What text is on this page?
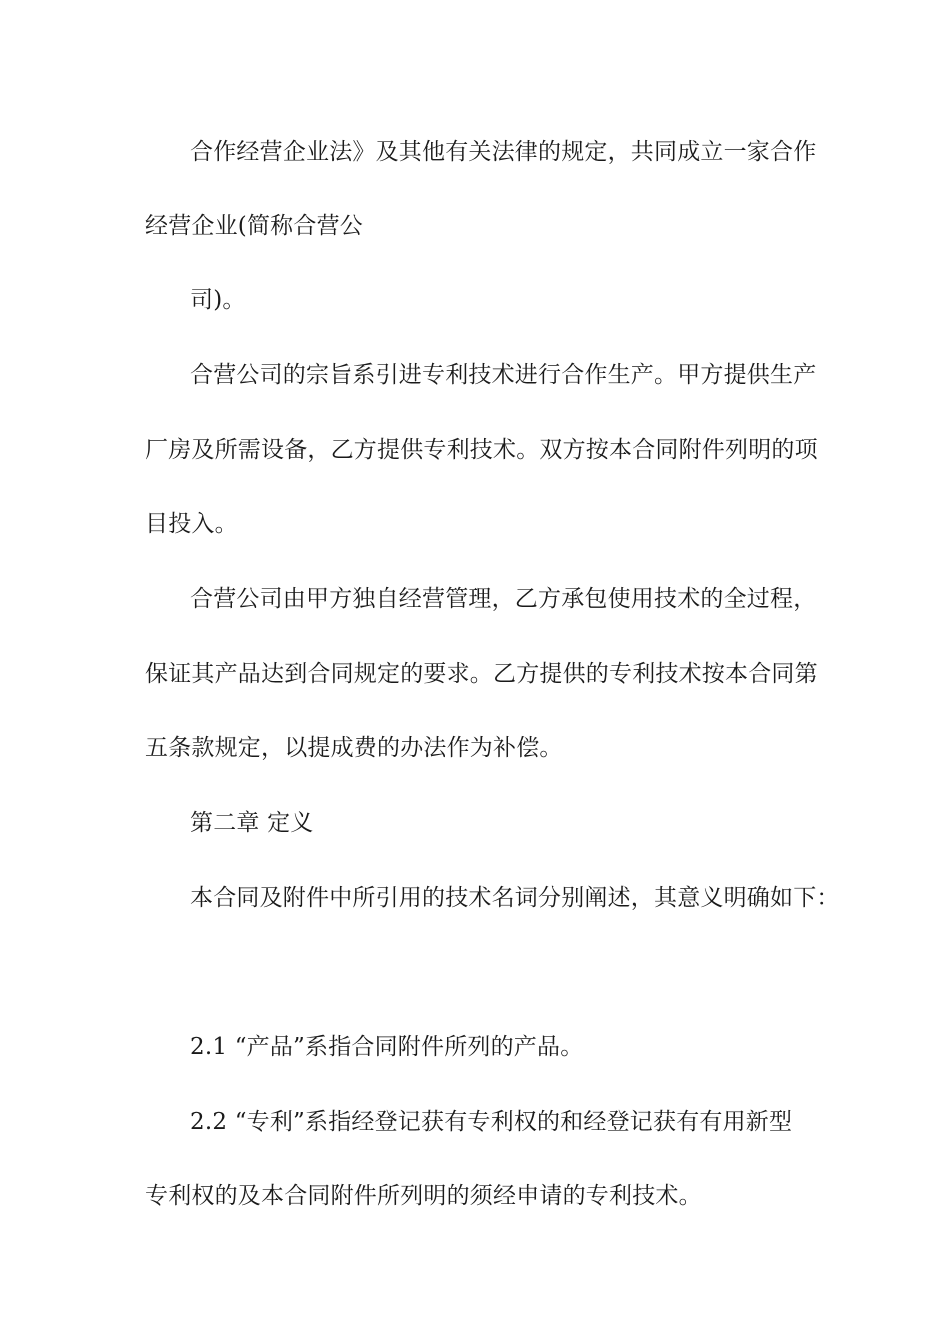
合作经营企业法》及其他有关法律的规定，共同成立一家合作
经营企业(简称合营公
司)。
合营公司的宗旨系引进专利技术进行合作生产。甲方提供生产
厂房及所需设备，乙方提供专利技术。双方按本合同附件列明的项
目投入。
合营公司由甲方独自经营管理，乙方承包使用技术的全过程，
保证其产品达到合同规定的要求。乙方提供的专利技术按本合同第
五条款规定，以提成费的办法作为补偿。
第二章 定义
本合同及附件中所引用的技术名词分别阐述，其意义明确如下：
2.1 “产品”系指合同附件所列的产品。
2.2 “专利”系指经登记获有专利权的和经登记获有有用新型
专利权的及本合同附件所列明的须经申请的专利技术。
